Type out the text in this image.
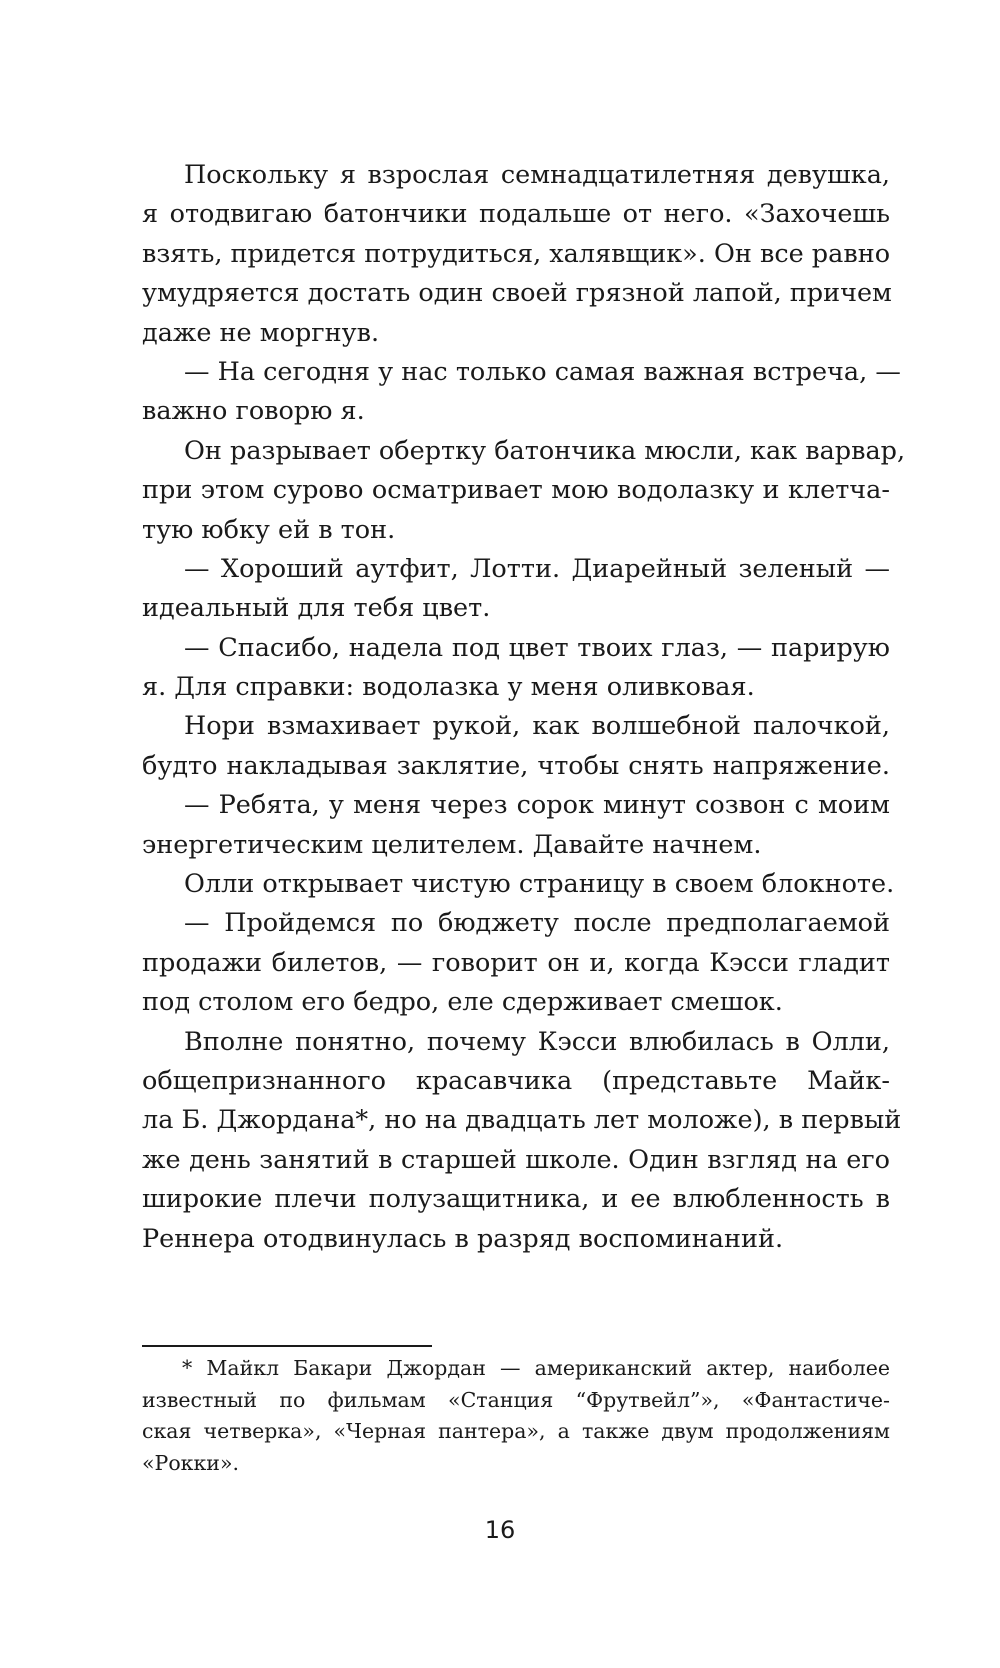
Поскольку я взрослая семнадцатилетняя девушка,
я отодвигаю батончики подальше от него. «Захочешь
взять, придется потрудиться, халявщик». Он все равно
умудряется достать один своей грязной лапой, причем
даже не моргнув.
— На сегодня у нас только самая важная встреча, —
важно говорю я.
Он разрывает обертку батончика мюсли, как варвар,
при этом сурово осматривает мою водолазку и клетча-
тую юбку ей в тон.
— Хороший аутфит, Лотти. Диарейный зеленый —
идеальный для тебя цвет.
— Спасибо, надела под цвет твоих глаз, — парирую
я. Для справки: водолазка у меня оливковая.
Нори взмахивает рукой, как волшебной палочкой,
будто накладывая заклятие, чтобы снять напряжение.
— Ребята, у меня через сорок минут созвон с моим
энергетическим целителем. Давайте начнем.
Олли открывает чистую страницу в своем блокноте.
— Пройдемся по бюджету после предполагаемой
продажи билетов, — говорит он и, когда Кэсси гладит
под столом его бедро, еле сдерживает смешок.
Вполне понятно, почему Кэсси влюбилась в Олли,
общепризнанного красавчика (представьте Майк-
ла Б. Джордана*, но на двадцать лет моложе), в первый
же день занятий в старшей школе. Один взгляд на его
широкие плечи полузащитника, и ее влюбленность в
Реннера отодвинулась в разряд воспоминаний.
* Майкл Бакари Джордан — американский актер, наиболее
известный по фильмам «Станция “Фрутвейл”», «Фантастиче-
ская четверка», «Черная пантера», а также двум продолжениям
«Рокки».
16
